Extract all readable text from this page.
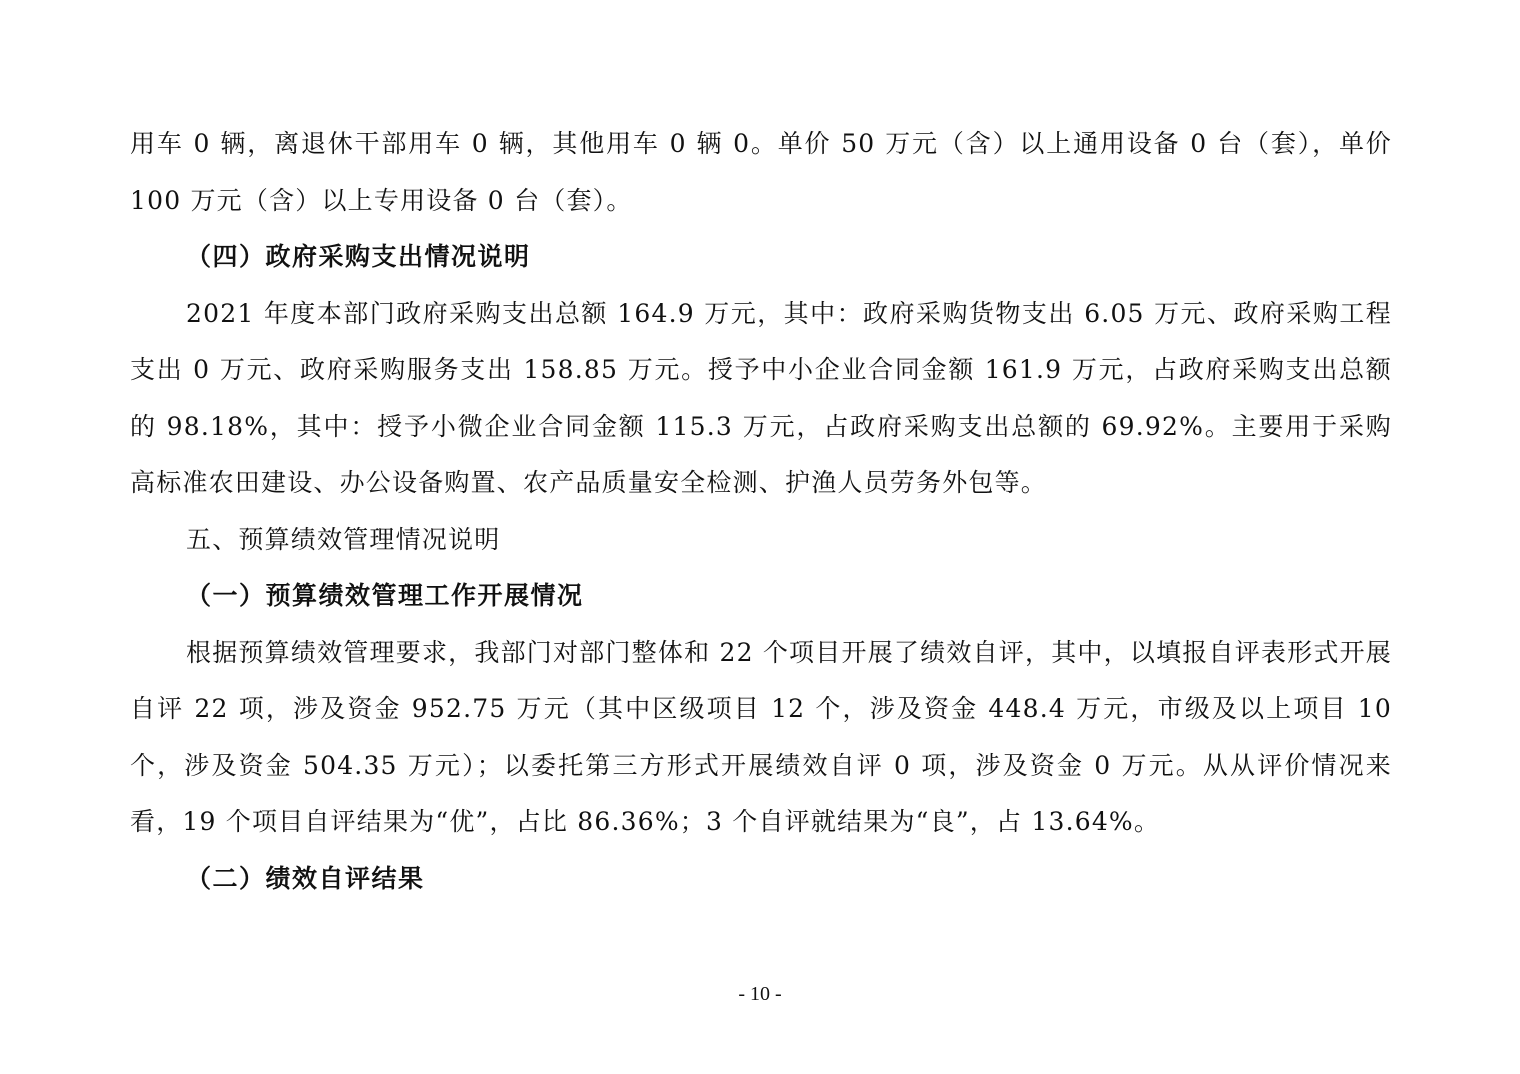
用车 0 辆，离退休干部用车 0 辆，其他用车 0 辆 0。单价 50 万元（含）以上通用设备 0 台（套），单价 100 万元（含）以上专用设备 0 台（套）。

（四）政府采购支出情况说明

2021 年度本部门政府采购支出总额 164.9 万元，其中：政府采购货物支出 6.05 万元、政府采购工程支出 0 万元、政府采购服务支出 158.85 万元。授予中小企业合同金额 161.9 万元，占政府采购支出总额的 98.18%，其中：授予小微企业合同金额 115.3 万元，占政府采购支出总额的 69.92%。主要用于采购高标准农田建设、办公设备购置、农产品质量安全检测、护渔人员劳务外包等。

五、预算绩效管理情况说明

（一）预算绩效管理工作开展情况

根据预算绩效管理要求，我部门对部门整体和 22 个项目开展了绩效自评，其中，以填报自评表形式开展自评 22 项，涉及资金 952.75 万元（其中区级项目 12 个，涉及资金 448.4 万元，市级及以上项目 10 个，涉及资金 504.35 万元）；以委托第三方形式开展绩效自评 0 项，涉及资金 0 万元。从从评价情况来看，19 个项目自评结果为“优”，占比 86.36%；3 个自评就结果为“良”，占 13.64%。

（二）绩效自评结果

- 10 -
